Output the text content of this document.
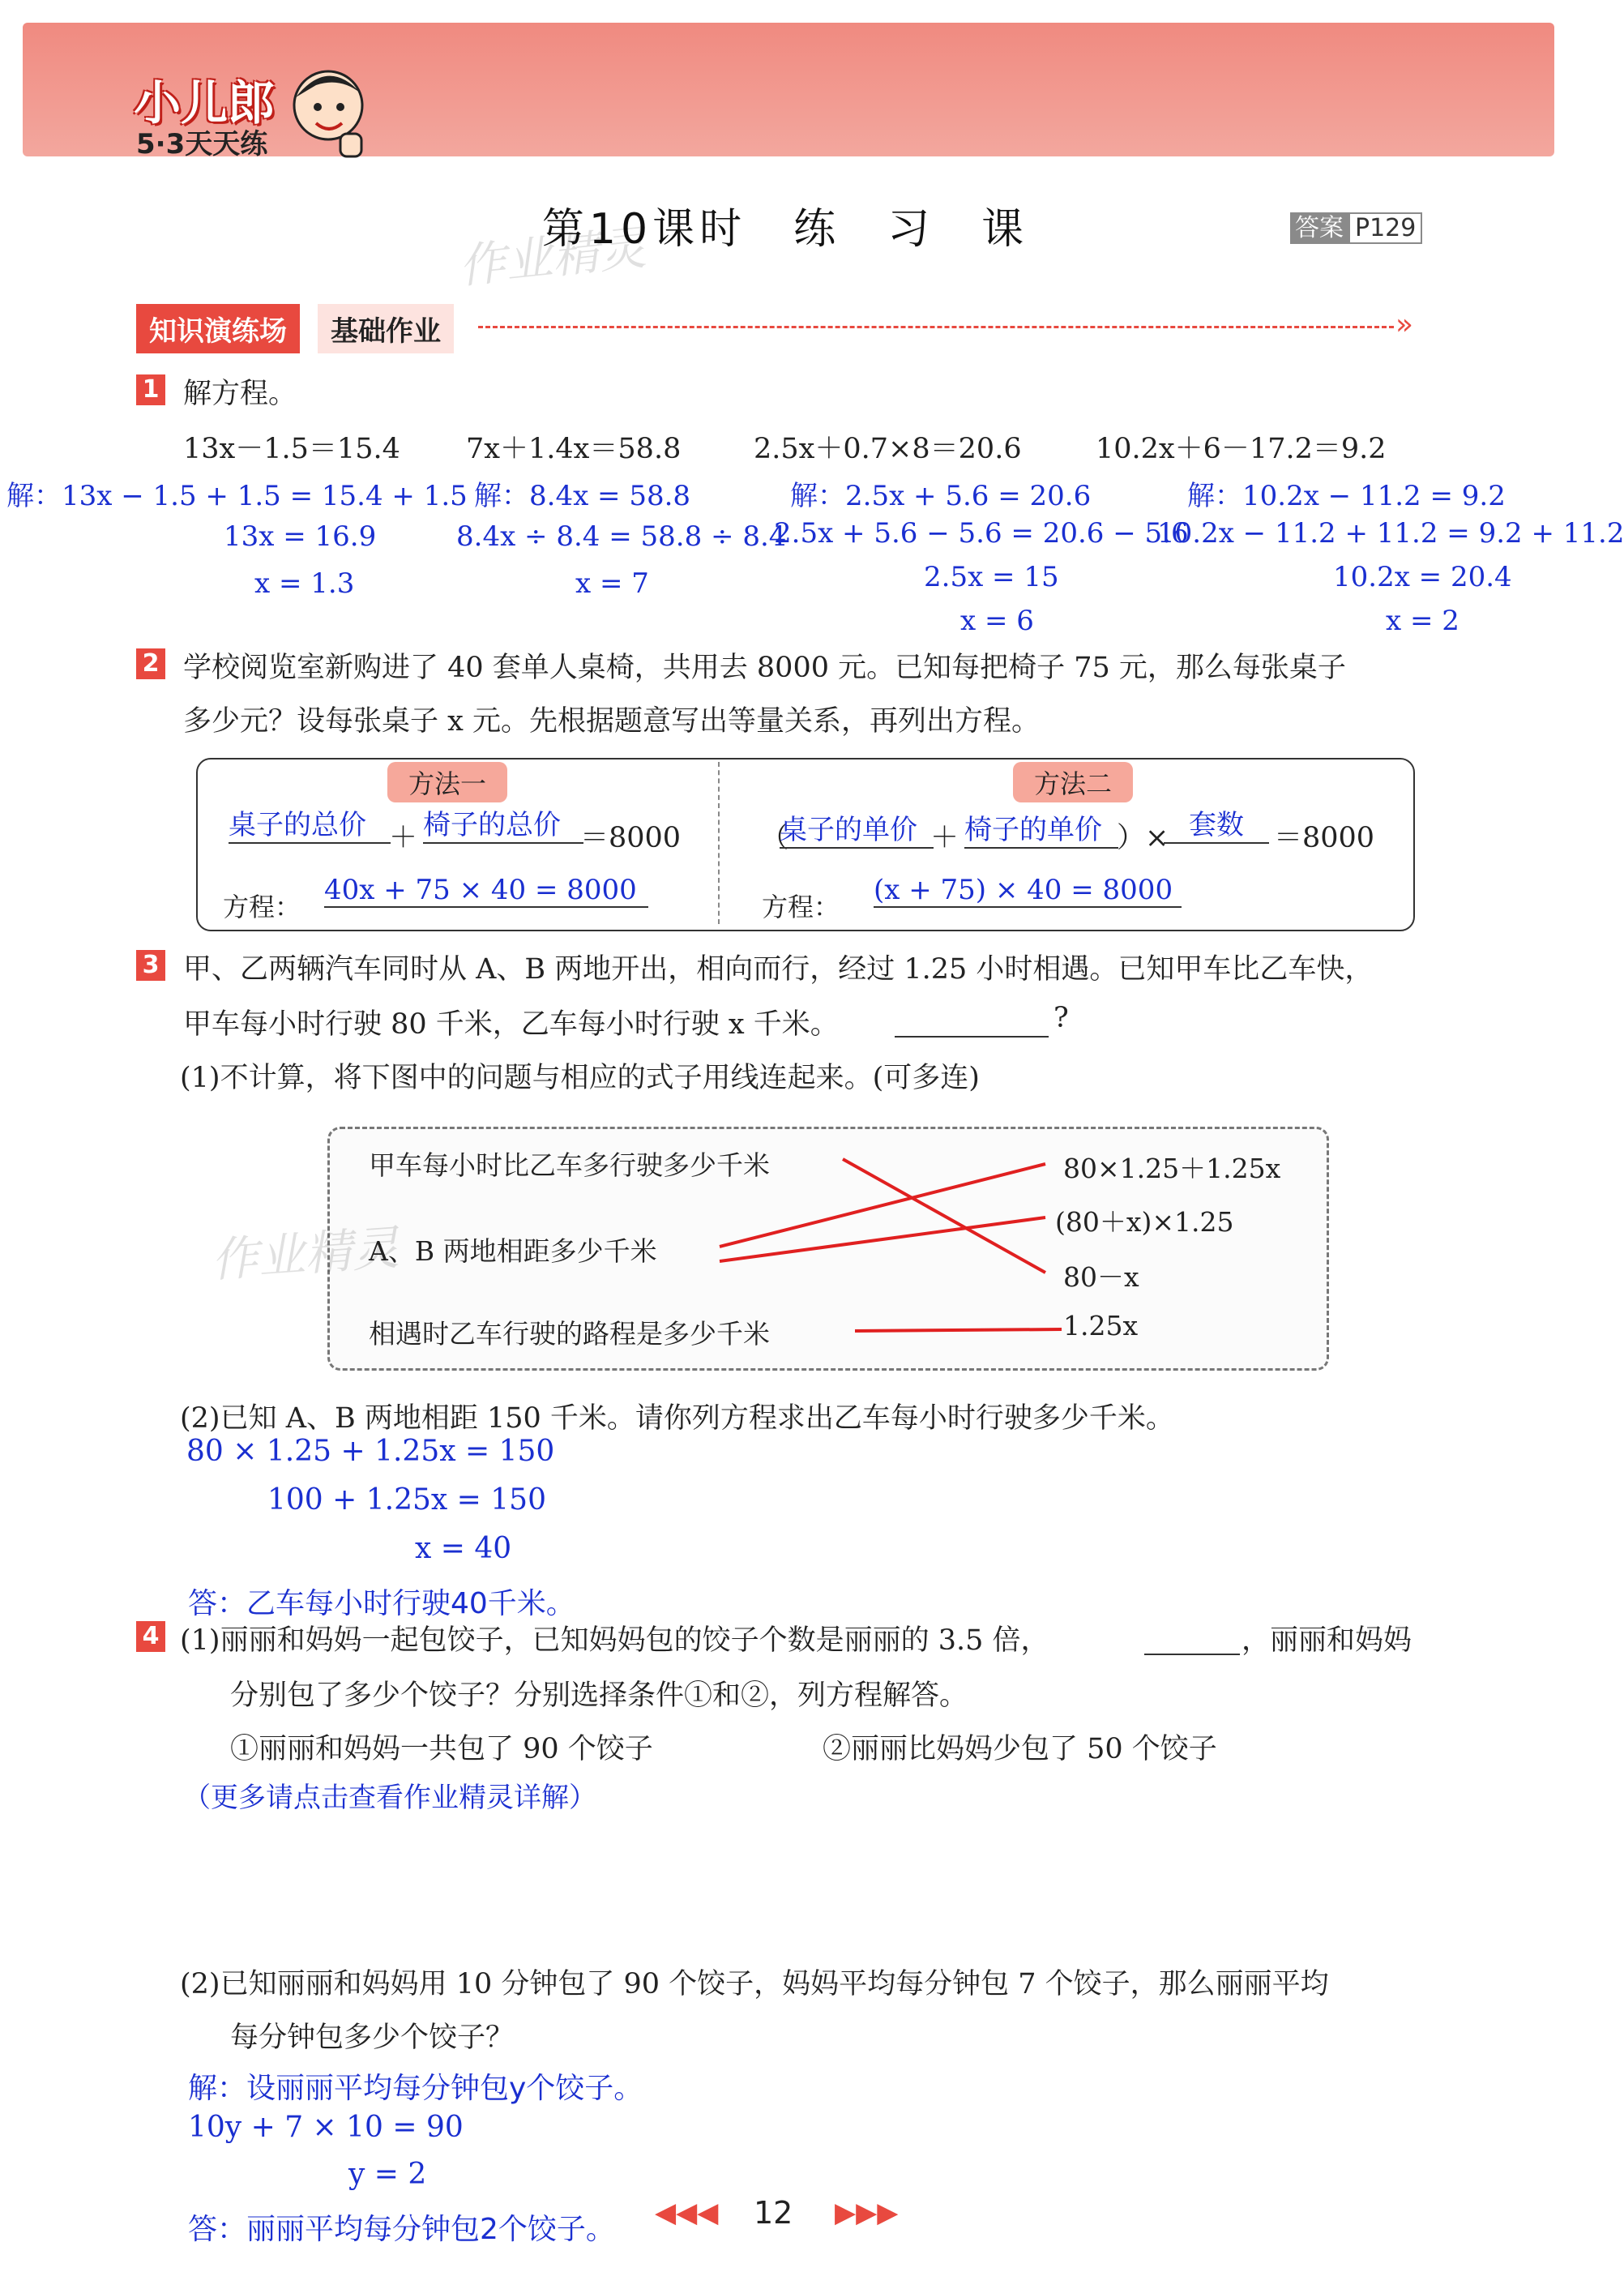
小儿郎
5·3天天练
第10课时　练　习　课	答案 P129
作业精灵
知识演练场	基础作业	»
1 解方程。
13x－1.5＝15.4 7x＋1.4x＝58.8	2.5x＋0.7×8＝20.6	10.2x＋6－17.2＝9.2
解：13x − 1.5 + 1.5 = 15.4 + 1.5
13x = 16.9
x = 1.3
解：8.4x = 58.8
8.4x ÷ 8.4 = 58.8 ÷ 8.4
x = 7
解：2.5x + 5.6 = 20.6
2.5x + 5.6 − 5.6 = 20.6 − 5.6
2.5x = 15
x = 6
解：10.2x − 11.2 = 9.2
10.2x − 11.2 + 11.2 = 9.2 + 11.2
10.2x = 20.4
x = 2
2 学校阅览室新购进了 40 套单人桌椅，共用去 8000 元。已知每把椅子 75 元，那么每张桌子
多少元？设每张桌子 x 元。先根据题意写出等量关系，再列出方程。
方法一	方法二
桌子的总价 ＋ 椅子的总价 ＝8000
方程：
40x + 75 × 40 = 8000
（
桌子的单价 ＋ 椅子的单价 ）× 套数	＝8000
方程：
(x + 75) × 40 = 8000
3 甲、乙两辆汽车同时从 A、B 两地开出，相向而行，经过 1.25 小时相遇。已知甲车比乙车快，
甲车每小时行驶 80 千米，乙车每小时行驶 x 千米。	?
(1)不计算，将下图中的问题与相应的式子用线连起来。(可多连)
甲车每小时比乙车多行驶多少千米
A、B 两地相距多少千米
相遇时乙车行驶的路程是多少千米
80×1.25＋1.25x
(80＋x)×1.25
80－x
1.25x
作业精灵
(2)已知 A、B 两地相距 150 千米。请你列方程求出乙车每小时行驶多少千米。
80 × 1.25 + 1.25x = 150
100 + 1.25x = 150
x = 40
答：乙车每小时行驶40千米。
4 (1)丽丽和妈妈一起包饺子，已知妈妈包的饺子个数是丽丽的 3.5 倍，	，丽丽和妈妈
分别包了多少个饺子？分别选择条件①和②，列方程解答。
①丽丽和妈妈一共包了 90 个饺子	②丽丽比妈妈少包了 50 个饺子
（更多请点击查看作业精灵详解）
(2)已知丽丽和妈妈用 10 分钟包了 90 个饺子，妈妈平均每分钟包 7 个饺子，那么丽丽平均
每分钟包多少个饺子？
解：设丽丽平均每分钟包y个饺子。
10y + 7 × 10 = 90
y = 2
答：丽丽平均每分钟包2个饺子。 ◀◀◀ 12 ▶▶▶
